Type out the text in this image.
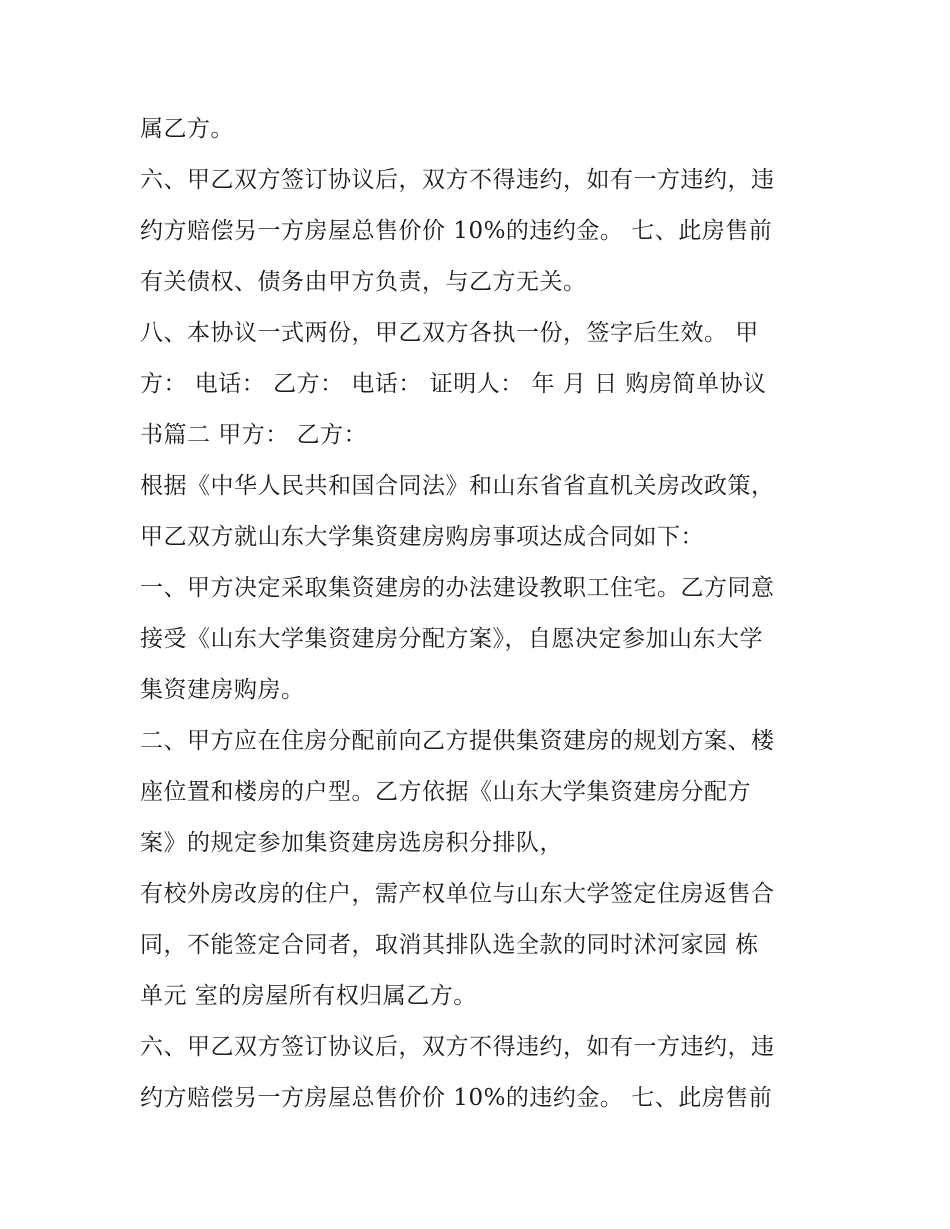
属乙方。
六、甲乙双方签订协议后，双方不得违约，如有一方违约，违
约方赔偿另一方房屋总售价价 10%的违约金。 七、此房售前
有关债权、债务由甲方负责，与乙方无关。
八、本协议一式两份，甲乙双方各执一份，签字后生效。 甲
方： 电话： 乙方： 电话： 证明人： 年 月 日 购房简单协议
书篇二 甲方： 乙方：
根据《中华人民共和国合同法》和山东省省直机关房改政策，
甲乙双方就山东大学集资建房购房事项达成合同如下：
一、甲方决定采取集资建房的办法建设教职工住宅。乙方同意
接受《山东大学集资建房分配方案》，自愿决定参加山东大学
集资建房购房。
二、甲方应在住房分配前向乙方提供集资建房的规划方案、楼
座位置和楼房的户型。乙方依据《山东大学集资建房分配方
案》的规定参加集资建房选房积分排队，
有校外房改房的住户，需产权单位与山东大学签定住房返售合
同，不能签定合同者，取消其排队选全款的同时沭河家园 栋
单元 室的房屋所有权归属乙方。
六、甲乙双方签订协议后，双方不得违约，如有一方违约，违
约方赔偿另一方房屋总售价价 10%的违约金。 七、此房售前
